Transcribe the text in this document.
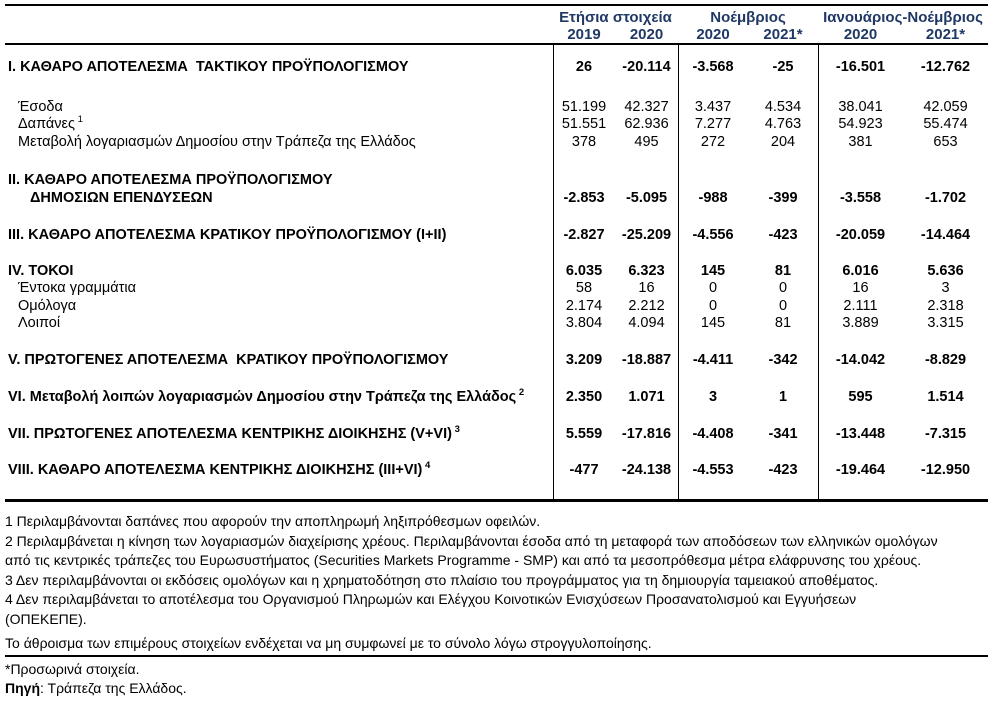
Ετήσια στοιχεία	Νοέμβριος	Ιανουάριος-Νοέμβριος
2019	2020	2020	2021*	2020	2021*
I. ΚΑΘΑΡΟ ΑΠΟΤΕΛΕΣΜΑ  ΤΑΚΤΙΚΟΥ ΠΡΟΫΠΟΛΟΓΙΣΜΟΥ	26	-20.114	-3.568	-25	-16.501	-12.762
Έσοδα	51.199	42.327	3.437	4.534	38.041	42.059
Δαπάνες $^1$	51.551	62.936	7.277	4.763	54.923	55.474
Μεταβολή λογαριασμών Δημοσίου στην Τράπεζα της Ελλάδος	378	495	272	204	381	653
II. ΚΑΘΑΡΟ ΑΠΟΤΕΛΕΣΜΑ ΠΡΟΫΠΟΛΟΓΙΣΜΟΥ
ΔΗΜΟΣΙΩΝ ΕΠΕΝΔΥΣΕΩΝ	-2.853	-5.095	-988	-399	-3.558	-1.702
III. ΚΑΘΑΡΟ ΑΠΟΤΕΛΕΣΜΑ ΚΡΑΤΙΚΟΥ ΠΡΟΫΠΟΛΟΓΙΣΜΟΥ (I+II)	-2.827	-25.209	-4.556	-423	-20.059	-14.464
IV. ΤΟΚΟΙ	6.035	6.323	145	81	6.016	5.636
Έντοκα γραμμάτια	58	16	0	0	16	3
Ομόλογα	2.174	2.212	0	0	2.111	2.318
Λοιποί	3.804	4.094	145	81	3.889	3.315
V. ΠΡΩΤΟΓΕΝΕΣ ΑΠΟΤΕΛΕΣΜΑ  ΚΡΑΤΙΚΟΥ ΠΡΟΫΠΟΛΟΓΙΣΜΟΥ	3.209	-18.887	-4.411	-342	-14.042	-8.829
VI. Μεταβολή λοιπών λογαριασμών Δημοσίου στην Τράπεζα της Ελλάδος $^2$	2.350	1.071	3	1	595	1.514
VII. ΠΡΩΤΟΓΕΝΕΣ ΑΠΟΤΕΛΕΣΜΑ ΚΕΝΤΡΙΚΗΣ ΔΙΟΙΚΗΣΗΣ (V+VI) $^3$	5.559	-17.816	-4.408	-341	-13.448	-7.315
VIII. ΚΑΘΑΡΟ ΑΠΟΤΕΛΕΣΜΑ ΚΕΝΤΡΙΚΗΣ ΔΙΟΙΚΗΣΗΣ (III+VI) $^4$	-477	-24.138	-4.553	-423	-19.464	-12.950
1 Περιλαμβάνονται δαπάνες που αφορούν την αποπληρωμή ληξιπρόθεσμων οφειλών.
2 Περιλαμβάνεται η κίνηση των λογαριασμών διαχείρισης χρέους. Περιλαμβάνονται έσοδα από τη μεταφορά των αποδόσεων των ελληνικών ομολόγων
από τις κεντρικές τράπεζες του Ευρωσυστήματος (Securities Markets Programme - SMP) και από τα μεσοπρόθεσμα μέτρα ελάφρυνσης του χρέους.
3 Δεν περιλαμβάνονται οι εκδόσεις ομολόγων και η χρηματοδότηση στο πλαίσιο του προγράμματος για τη δημιουργία ταμειακού αποθέματος.
4 Δεν περιλαμβάνεται το αποτέλεσμα του Οργανισμού Πληρωμών και Ελέγχου Κοινοτικών Ενισχύσεων Προσανατολισμού και Εγγυήσεων
(ΟΠΕΚΕΠΕ).
Το άθροισμα των επιμέρους στοιχείων ενδέχεται να μη συμφωνεί με το σύνολο λόγω στρογγυλοποίησης.
*Προσωρινά στοιχεία.
Πηγή: Τράπεζα της Ελλάδος.
